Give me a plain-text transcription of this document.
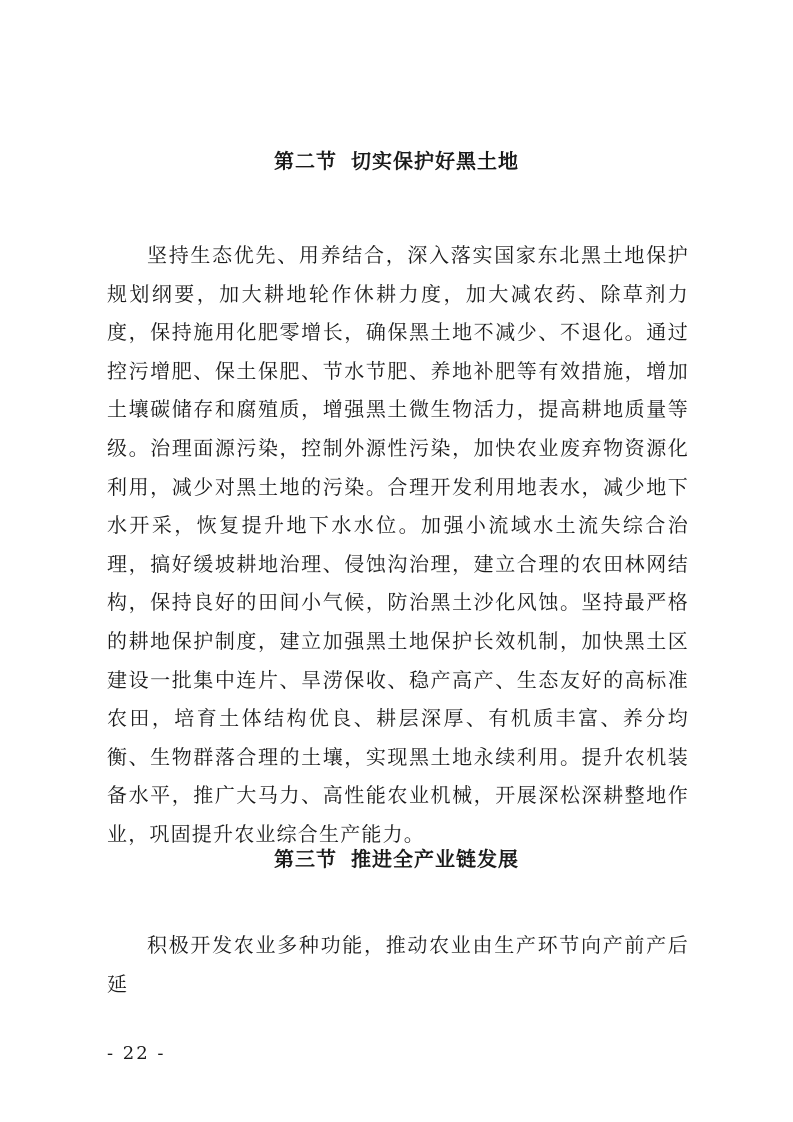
第二节 切实保护好黑土地
坚持生态优先、用养结合，深入落实国家东北黑土地保护规划纲要，加大耕地轮作休耕力度，加大减农药、除草剂力度，保持施用化肥零增长，确保黑土地不减少、不退化。通过控污增肥、保土保肥、节水节肥、养地补肥等有效措施，增加土壤碳储存和腐殖质，增强黑土微生物活力，提高耕地质量等级。治理面源污染，控制外源性污染，加快农业废弃物资源化利用，减少对黑土地的污染。合理开发利用地表水，减少地下水开采，恢复提升地下水水位。加强小流域水土流失综合治理，搞好缓坡耕地治理、侵蚀沟治理，建立合理的农田林网结构，保持良好的田间小气候，防治黑土沙化风蚀。坚持最严格的耕地保护制度，建立加强黑土地保护长效机制，加快黑土区建设一批集中连片、旱涝保收、稳产高产、生态友好的高标准农田，培育土体结构优良、耕层深厚、有机质丰富、养分均衡、生物群落合理的土壤，实现黑土地永续利用。提升农机装备水平，推广大马力、高性能农业机械，开展深松深耕整地作业，巩固提升农业综合生产能力。
第三节 推进全产业链发展
积极开发农业多种功能，推动农业由生产环节向产前产后延
- 22 -
